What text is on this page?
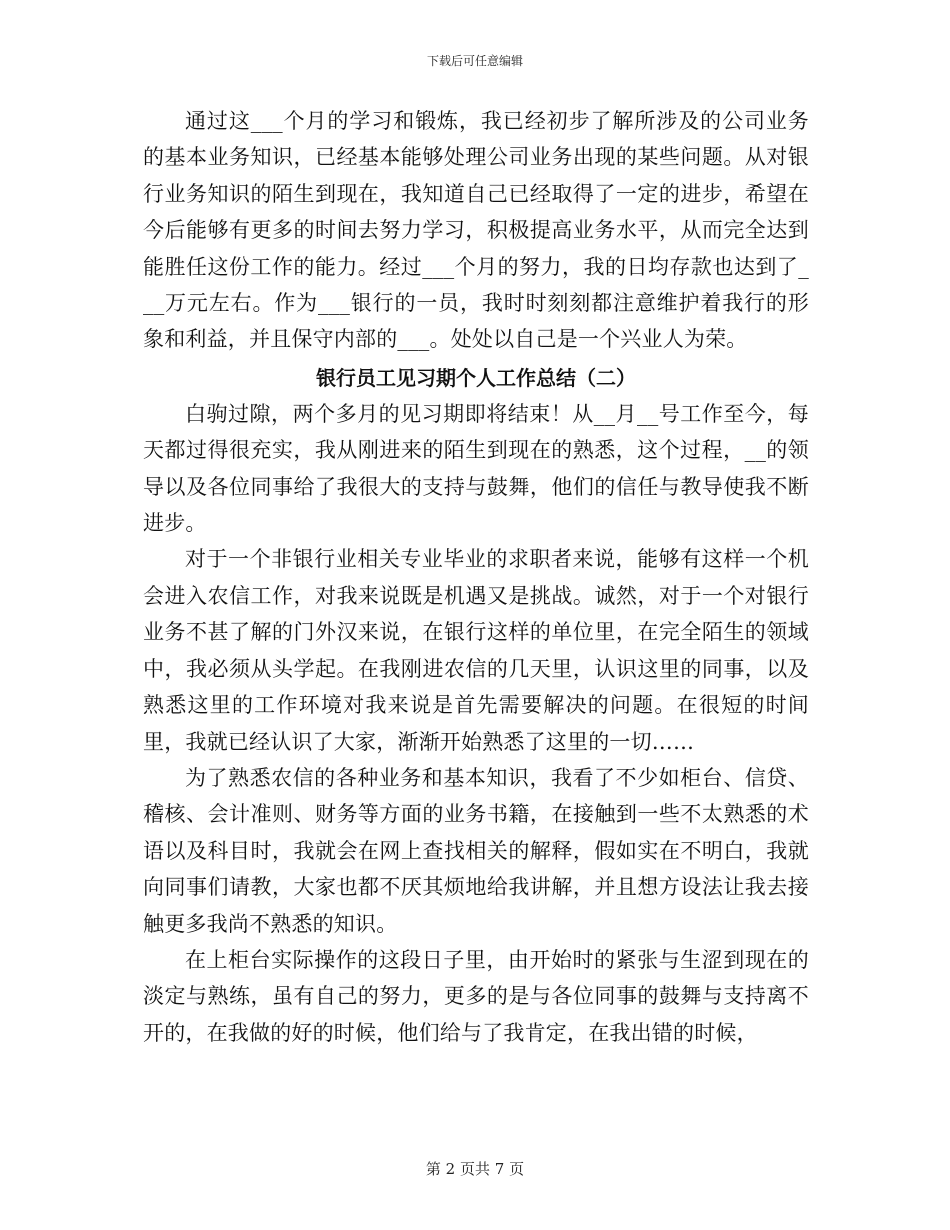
下载后可任意编辑

通过这___个月的学习和锻炼，我已经初步了解所涉及的公司业务的基本业务知识，已经基本能够处理公司业务出现的某些问题。从对银行业务知识的陌生到现在，我知道自己已经取得了一定的进步，希望在今后能够有更多的时间去努力学习，积极提高业务水平，从而完全达到能胜任这份工作的能力。经过___个月的努力，我的日均存款也达到了___万元左右。作为___银行的一员，我时时刻刻都注意维护着我行的形象和利益，并且保守内部的___。处处以自己是一个兴业人为荣。

银行员工见习期个人工作总结（二）

白驹过隙，两个多月的见习期即将结束！从__月__号工作至今，每天都过得很充实，我从刚进来的陌生到现在的熟悉，这个过程，__的领导以及各位同事给了我很大的支持与鼓舞，他们的信任与教导使我不断进步。

对于一个非银行业相关专业毕业的求职者来说，能够有这样一个机会进入农信工作，对我来说既是机遇又是挑战。诚然，对于一个对银行业务不甚了解的门外汉来说，在银行这样的单位里，在完全陌生的领域中，我必须从头学起。在我刚进农信的几天里，认识这里的同事，以及熟悉这里的工作环境对我来说是首先需要解决的问题。在很短的时间里，我就已经认识了大家，渐渐开始熟悉了这里的一切……

为了熟悉农信的各种业务和基本知识，我看了不少如柜台、信贷、稽核、会计准则、财务等方面的业务书籍，在接触到一些不太熟悉的术语以及科目时，我就会在网上查找相关的解释，假如实在不明白，我就向同事们请教，大家也都不厌其烦地给我讲解，并且想方设法让我去接触更多我尚不熟悉的知识。

在上柜台实际操作的这段日子里，由开始时的紧张与生涩到现在的淡定与熟练，虽有自己的努力，更多的是与各位同事的鼓舞与支持离不开的，在我做的好的时候，他们给与了我肯定，在我出错的时候，

第 2 页共 7 页
